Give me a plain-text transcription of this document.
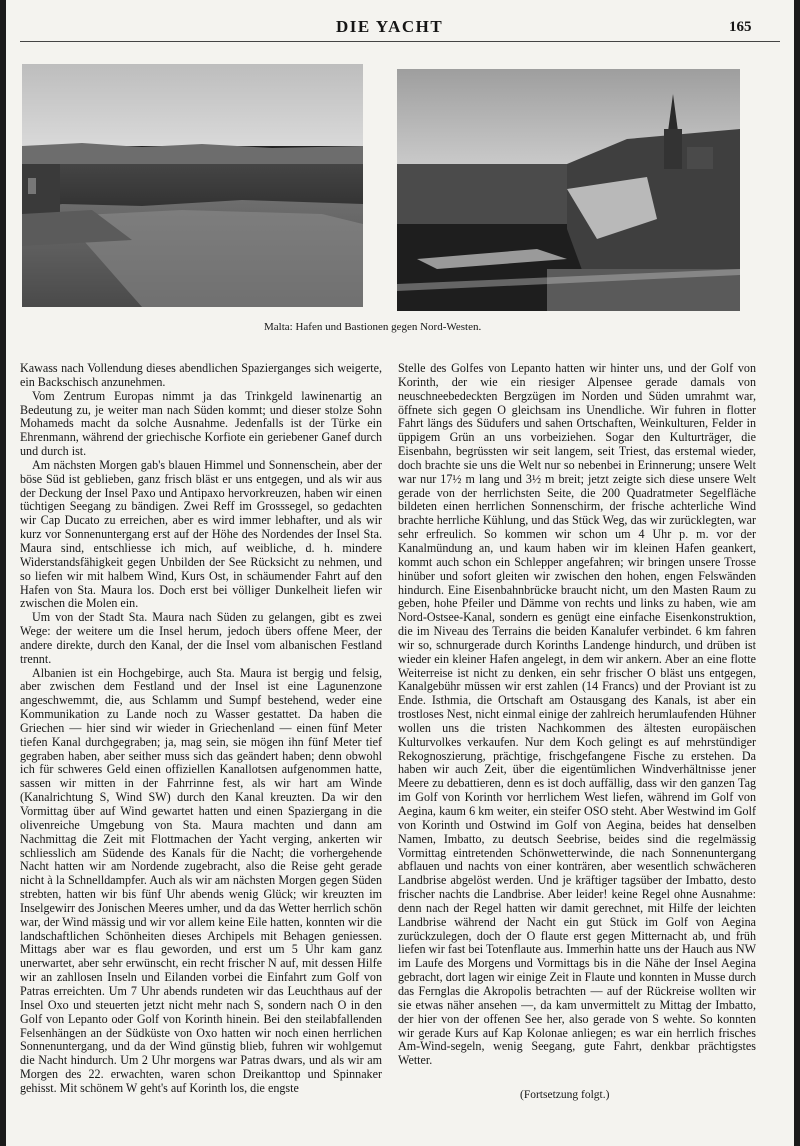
DIE YACHT	165
Malta: Hafen und Bastionen gegen Nord-Westen.

Kawass nach Vollendung dieses abendlichen Spazierganges sich weigerte, ein Backschisch anzunehmen.

Vom Zentrum Europas nimmt ja das Trinkgeld lawinenartig an Bedeutung zu, je weiter man nach Süden kommt; und dieser stolze Sohn Mohameds macht da solche Ausnahme. Jedenfalls ist der Türke ein Ehrenmann, während der griechische Korfiote ein geriebener Ganef durch und durch ist.

Am nächsten Morgen gab's blauen Himmel und Sonnenschein, aber der böse Süd ist geblieben, ganz frisch bläst er uns entgegen, und als wir aus der Deckung der Insel Paxo und Antipaxo hervorkreuzen, haben wir einen tüchtigen Seegang zu bändigen. Zwei Reff im Grosssegel, so gedachten wir Cap Ducato zu erreichen, aber es wird immer lebhafter, und als wir kurz vor Sonnenuntergang erst auf der Höhe des Nordendes der Insel Sta. Maura sind, entschliesse ich mich, auf weibliche, d. h. mindere Widerstandsfähigkeit gegen Unbilden der See Rücksicht zu nehmen, und so liefen wir mit halbem Wind, Kurs Ost, in schäumender Fahrt auf den Hafen von Sta. Maura los. Doch erst bei völliger Dunkelheit liefen wir zwischen die Molen ein.

Um von der Stadt Sta. Maura nach Süden zu gelangen, gibt es zwei Wege: der weitere um die Insel herum, jedoch übers offene Meer, der andere direkte, durch den Kanal, der die Insel vom albanischen Festland trennt.

Albanien ist ein Hochgebirge, auch Sta. Maura ist bergig und felsig, aber zwischen dem Festland und der Insel ist eine Lagunenzone angeschwemmt, die, aus Schlamm und Sumpf bestehend, weder eine Kommunikation zu Lande noch zu Wasser gestattet. Da haben die Griechen — hier sind wir wieder in Griechenland — einen fünf Meter tiefen Kanal durchgegraben; ja, mag sein, sie mögen ihn fünf Meter tief gegraben haben, aber seither muss sich das geändert haben; denn obwohl ich für schweres Geld einen offiziellen Kanallotsen aufgenommen hatte, sassen wir mitten in der Fahrrinne fest, als wir hart am Winde (Kanalrichtung S, Wind SW) durch den Kanal kreuzten. Da wir den Vormittag über auf Wind gewartet hatten und einen Spaziergang in die olivenreiche Umgebung von Sta. Maura machten und dann am Nachmittag die Zeit mit Flottmachen der Yacht verging, ankerten wir schliesslich am Südende des Kanals für die Nacht; die vorhergehende Nacht hatten wir am Nordende zugebracht, also die Reise geht gerade nicht à la Schnelldampfer. Auch als wir am nächsten Morgen gegen Süden strebten, hatten wir bis fünf Uhr abends wenig Glück; wir kreuzten im Inselgewirr des Jonischen Meeres umher, und da das Wetter herrlich schön war, der Wind mässig und wir vor allem keine Eile hatten, konnten wir die landschaftlichen Schönheiten dieses Archipels mit Behagen geniessen. Mittags aber war es flau geworden, und erst um 5 Uhr kam ganz unerwartet, aber sehr erwünscht, ein recht frischer N auf, mit dessen Hilfe wir an zahllosen Inseln und Eilanden vorbei die Einfahrt zum Golf von Patras erreichten. Um 7 Uhr abends rundeten wir das Leuchthaus auf der Insel Oxo und steuerten jetzt nicht mehr nach S, sondern nach O in den Golf von Lepanto oder Golf von Korinth hinein. Bei den steilabfallenden Felsenhängen an der Südküste von Oxo hatten wir noch einen herrlichen Sonnenuntergang, und da der Wind günstig blieb, fuhren wir wohlgemut die Nacht hindurch. Um 2 Uhr morgens war Patras dwars, und als wir am Morgen des 22. erwachten, waren schon Dreikanttop und Spinnaker gehisst. Mit schönem W geht's auf Korinth los, die engste

Stelle des Golfes von Lepanto hatten wir hinter uns, und der Golf von Korinth, der wie ein riesiger Alpensee gerade damals von neuschneebedeckten Bergzügen im Norden und Süden umrahmt war, öffnete sich gegen O gleichsam ins Unendliche. Wir fuhren in flotter Fahrt längs des Südufers und sahen Ortschaften, Weinkulturen, Felder in üppigem Grün an uns vorbeiziehen. Sogar den Kulturträger, die Eisenbahn, begrüssten wir seit langem, seit Triest, das erstemal wieder, doch brachte sie uns die Welt nur so nebenbei in Erinnerung; unsere Welt war nur 17½ m lang und 3½ m breit; jetzt zeigte sich diese unsere Welt gerade von der herrlichsten Seite, die 200 Quadratmeter Segelfläche bildeten einen herrlichen Sonnenschirm, der frische achterliche Wind brachte herrliche Kühlung, und das Stück Weg, das wir zurücklegten, war sehr erfreulich. So kommen wir schon um 4 Uhr p. m. vor der Kanalmündung an, und kaum haben wir im kleinen Hafen geankert, kommt auch schon ein Schlepper angefahren; wir bringen unsere Trosse hinüber und sofort gleiten wir zwischen den hohen, engen Felswänden hindurch. Eine Eisenbahnbrücke braucht nicht, um den Masten Raum zu geben, hohe Pfeiler und Dämme von rechts und links zu haben, wie am Nord-Ostsee-Kanal, sondern es genügt eine einfache Eisenkonstruktion, die im Niveau des Terrains die beiden Kanalufer verbindet. 6 km fahren wir so, schnurgerade durch Korinths Landenge hindurch, und drüben ist wieder ein kleiner Hafen angelegt, in dem wir ankern. Aber an eine flotte Weiterreise ist nicht zu denken, ein sehr frischer O bläst uns entgegen, Kanalgebühr müssen wir erst zahlen (14 Francs) und der Proviant ist zu Ende. Isthmia, die Ortschaft am Ostausgang des Kanals, ist aber ein trostloses Nest, nicht einmal einige der zahlreich herumlaufenden Hühner wollen uns die tristen Nachkommen des ältesten europäischen Kulturvolkes verkaufen. Nur dem Koch gelingt es auf mehrstündiger Rekognoszierung, prächtige, frischgefangene Fische zu erstehen. Da haben wir auch Zeit, über die eigentümlichen Windverhältnisse jener Meere zu debattieren, denn es ist doch auffällig, dass wir den ganzen Tag im Golf von Korinth vor herrlichem West liefen, während im Golf von Aegina, kaum 6 km weiter, ein steifer OSO steht. Aber Westwind im Golf von Korinth und Ostwind im Golf von Aegina, beides hat denselben Namen, Imbatto, zu deutsch Seebrise, beides sind die regelmässig Vormittag eintretenden Schönwetterwinde, die nach Sonnenuntergang abflauen und nachts von einer konträren, aber wesentlich schwächeren Landbrise abgelöst werden. Und je kräftiger tagsüber der Imbatto, desto frischer nachts die Landbrise. Aber leider! keine Regel ohne Ausnahme: denn nach der Regel hatten wir damit gerechnet, mit Hilfe der leichten Landbrise während der Nacht ein gut Stück im Golf von Aegina zurückzulegen, doch der O flaute erst gegen Mitternacht ab, und früh liefen wir fast bei Totenflaute aus. Immerhin hatte uns der Hauch aus NW im Laufe des Morgens und Vormittags bis in die Nähe der Insel Aegina gebracht, dort lagen wir einige Zeit in Flaute und konnten in Musse durch das Fernglas die Akropolis betrachten — auf der Rückreise wollten wir sie etwas näher ansehen —, da kam unvermittelt zu Mittag der Imbatto, der hier von der offenen See her, also gerade von S wehte. So konnten wir gerade Kurs auf Kap Kolonae anliegen; es war ein herrlich frisches Am-Wind-segeln, wenig Seegang, gute Fahrt, denkbar prächtigstes Wetter.

(Fortsetzung folgt.)
